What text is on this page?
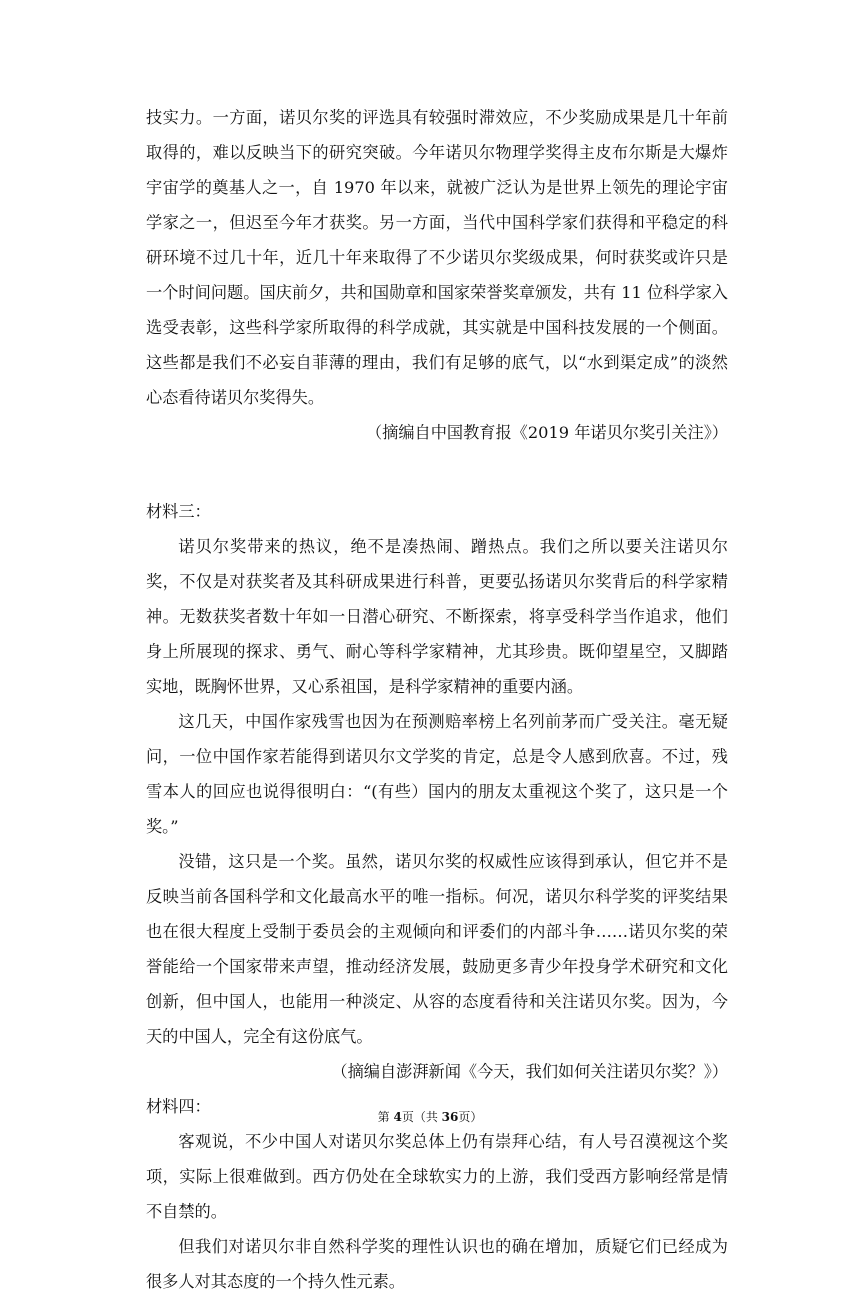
技实力。一方面，诺贝尔奖的评选具有较强时滞效应，不少奖励成果是几十年前取得的，难以反映当下的研究突破。今年诺贝尔物理学奖得主皮布尔斯是大爆炸宇宙学的奠基人之一，自 1970 年以来，就被广泛认为是世界上领先的理论宇宙学家之一，但迟至今年才获奖。另一方面，当代中国科学家们获得和平稳定的科研环境不过几十年，近几十年来取得了不少诺贝尔奖级成果，何时获奖或许只是一个时间问题。国庆前夕，共和国勋章和国家荣誉奖章颁发，共有 11 位科学家入选受表彰，这些科学家所取得的科学成就，其实就是中国科技发展的一个侧面。这些都是我们不必妄自菲薄的理由，我们有足够的底气，以“水到渠定成”的淡然心态看待诺贝尔奖得失。

（摘编自中国教育报《2019 年诺贝尔奖引关注》）

材料三：

诺贝尔奖带来的热议，绝不是凑热闹、蹭热点。我们之所以要关注诺贝尔奖，不仅是对获奖者及其科研成果进行科普，更要弘扬诺贝尔奖背后的科学家精神。无数获奖者数十年如一日潜心研究、不断探索，将享受科学当作追求，他们身上所展现的探求、勇气、耐心等科学家精神，尤其珍贵。既仰望星空，又脚踏实地，既胸怀世界，又心系祖国，是科学家精神的重要内涵。

这几天，中国作家残雪也因为在预测赔率榜上名列前茅而广受关注。毫无疑问，一位中国作家若能得到诺贝尔文学奖的肯定，总是令人感到欣喜。不过，残雪本人的回应也说得很明白：“(有些）国内的朋友太重视这个奖了，这只是一个奖。”

没错，这只是一个奖。虽然，诺贝尔奖的权威性应该得到承认，但它并不是反映当前各国科学和文化最高水平的唯一指标。何况，诺贝尔科学奖的评奖结果也在很大程度上受制于委员会的主观倾向和评委们的内部斗争……诺贝尔奖的荣誉能给一个国家带来声望，推动经济发展，鼓励更多青少年投身学术研究和文化创新，但中国人，也能用一种淡定、从容的态度看待和关注诺贝尔奖。因为，今天的中国人，完全有这份底气。

（摘编自澎湃新闻《今天，我们如何关注诺贝尔奖？》）

材料四：

客观说，不少中国人对诺贝尔奖总体上仍有崇拜心结，有人号召漠视这个奖项，实际上很难做到。西方仍处在全球软实力的上游，我们受西方影响经常是情不自禁的。

但我们对诺贝尔非自然科学奖的理性认识也的确在增加，质疑它们已经成为很多人对其态度的一个持久性元素。

第 4页（共 36页）
